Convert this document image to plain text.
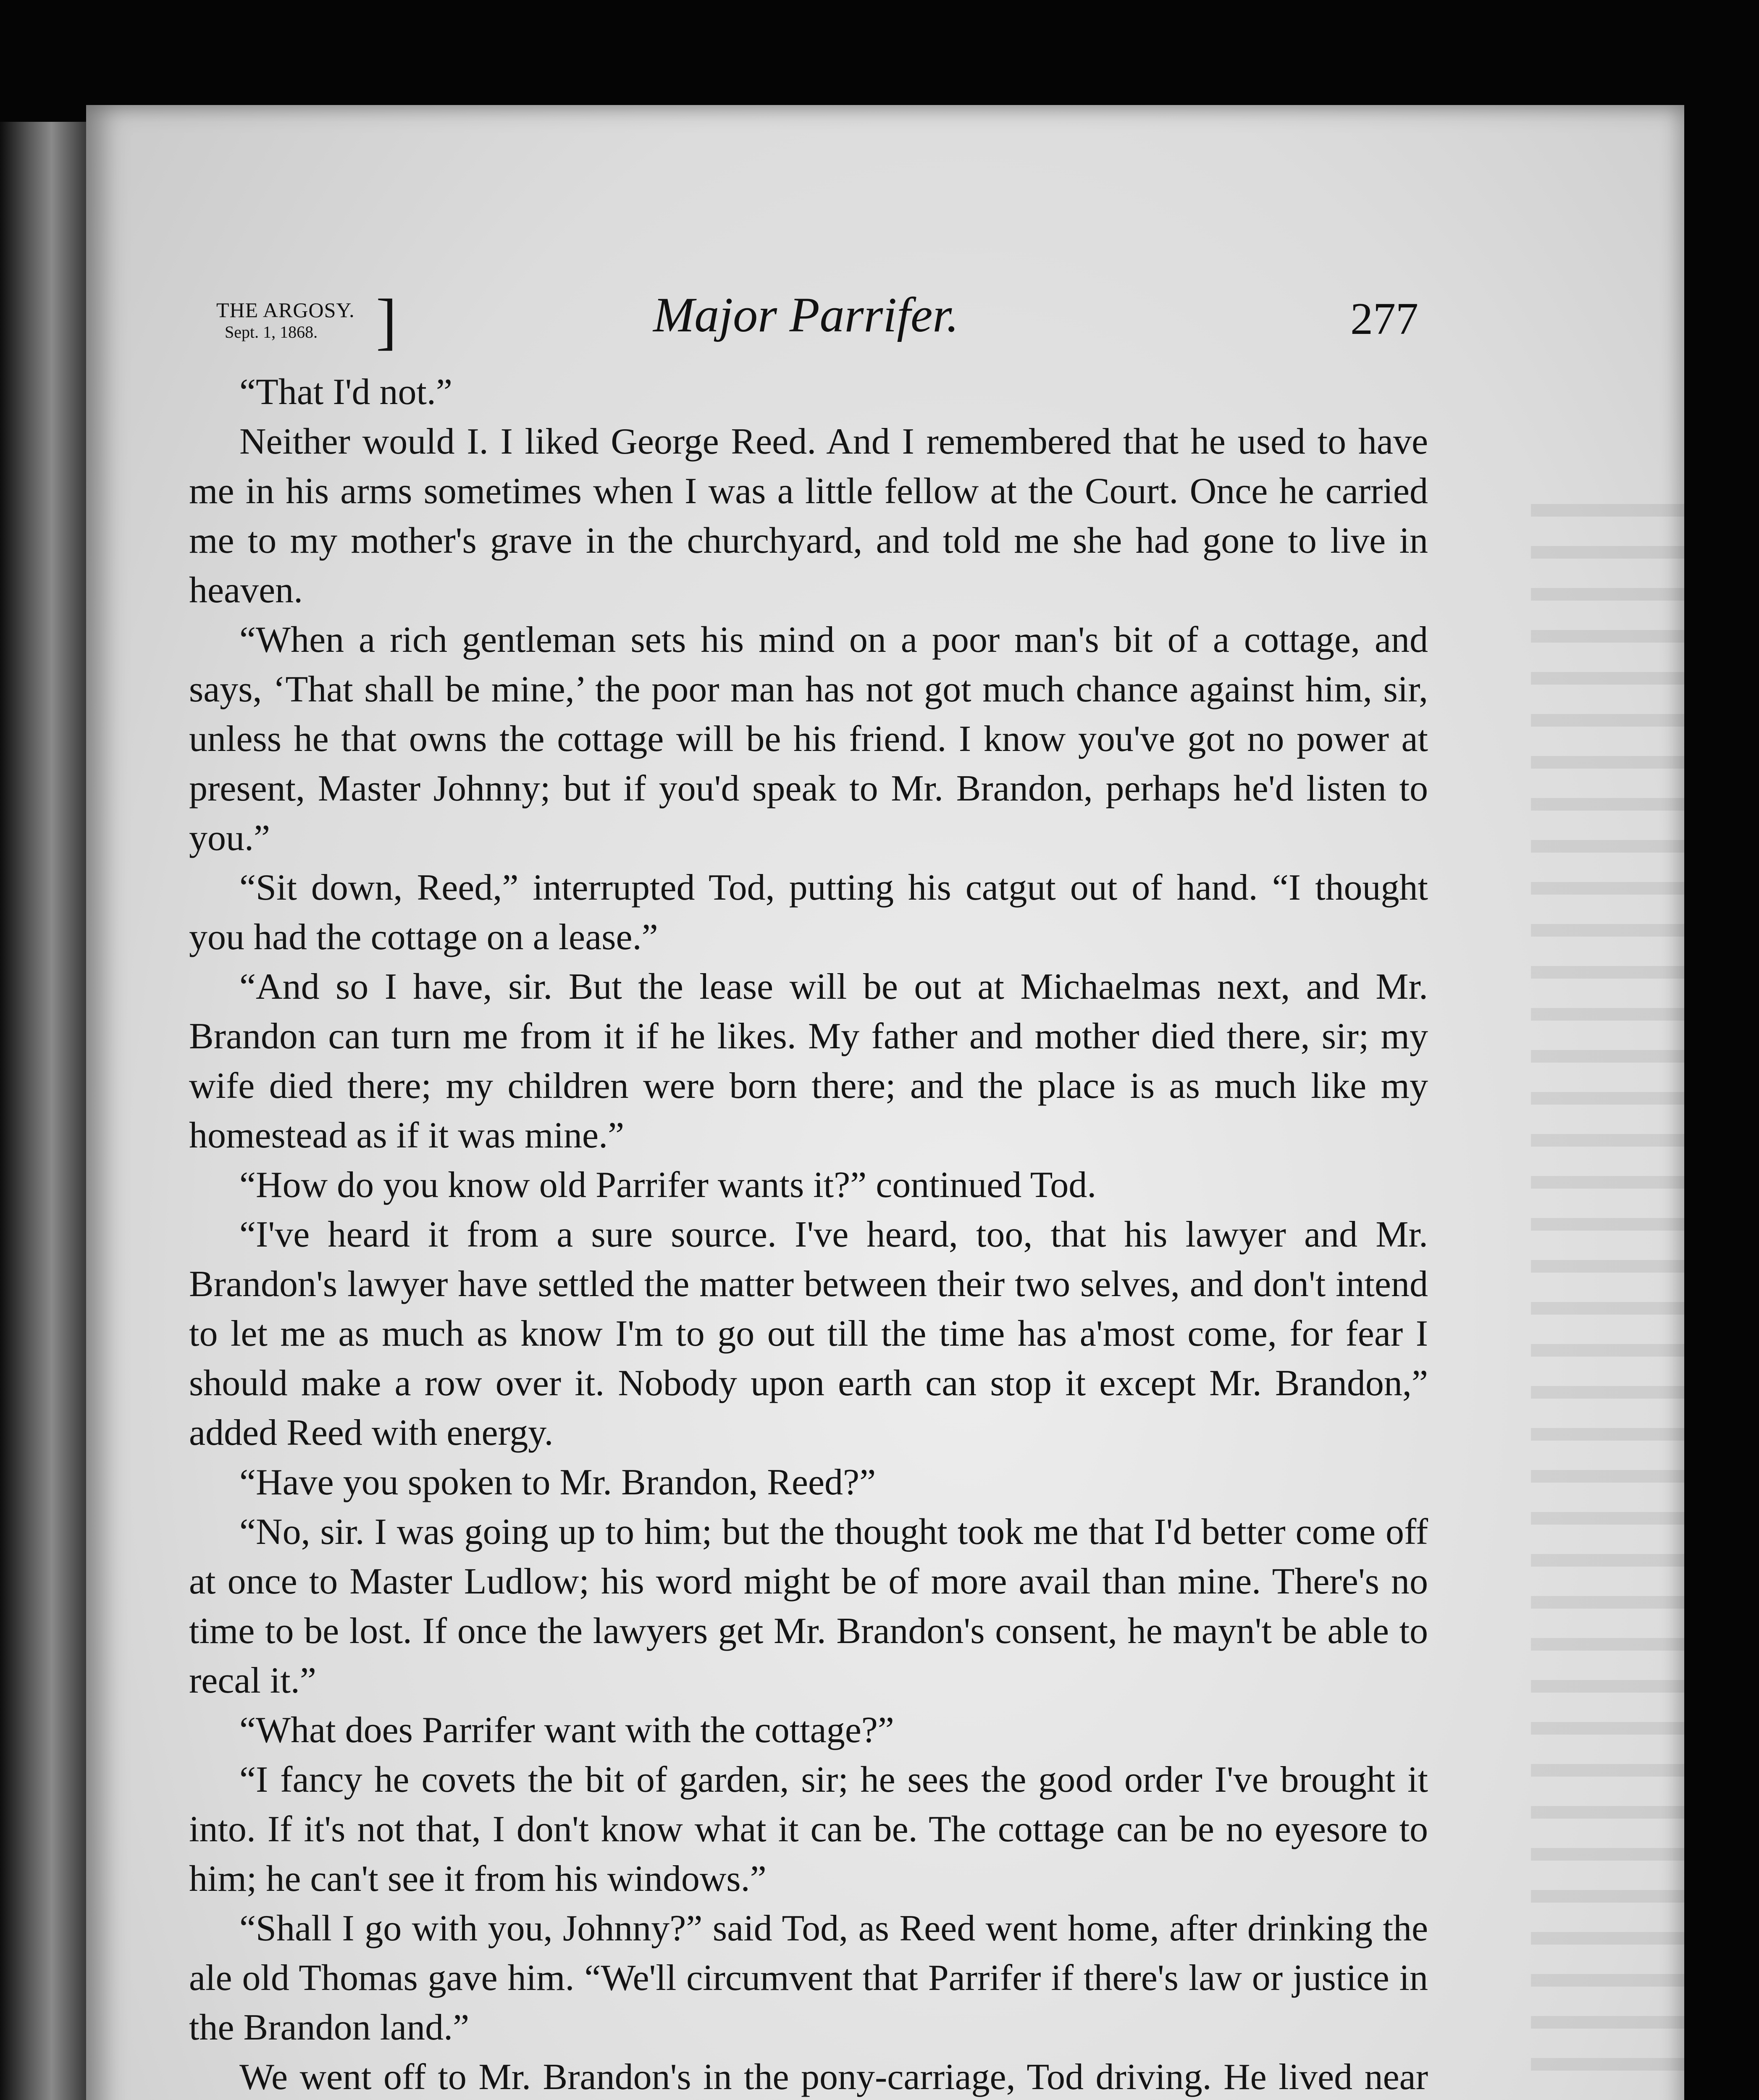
THE ARGOSY.
Sept. 1, 1868. ]	Major Parrifer.	277

“That I'd not.”

Neither would I. I liked George Reed. And I remembered that he used to have me in his arms sometimes when I was a little fellow at the Court. Once he carried me to my mother's grave in the churchyard, and told me she had gone to live in heaven.

“When a rich gentleman sets his mind on a poor man's bit of a cottage, and says, ‘That shall be mine,’ the poor man has not got much chance against him, sir, unless he that owns the cottage will be his friend. I know you've got no power at present, Master Johnny; but if you'd speak to Mr. Brandon, perhaps he'd listen to you.”

“Sit down, Reed,” interrupted Tod, putting his catgut out of hand. “I thought you had the cottage on a lease.”

“And so I have, sir. But the lease will be out at Michaelmas next, and Mr. Brandon can turn me from it if he likes. My father and mother died there, sir; my wife died there; my children were born there; and the place is as much like my homestead as if it was mine.”

“How do you know old Parrifer wants it?” continued Tod.

“I've heard it from a sure source. I've heard, too, that his lawyer and Mr. Brandon's lawyer have settled the matter between their two selves, and don't intend to let me as much as know I'm to go out till the time has a'most come, for fear I should make a row over it. Nobody upon earth can stop it except Mr. Brandon,” added Reed with energy.

“Have you spoken to Mr. Brandon, Reed?”

“No, sir. I was going up to him; but the thought took me that I'd better come off at once to Master Ludlow; his word might be of more avail than mine. There's no time to be lost. If once the lawyers get Mr. Brandon's consent, he mayn't be able to recal it.”

“What does Parrifer want with the cottage?”

“I fancy he covets the bit of garden, sir; he sees the good order I've brought it into. If it's not that, I don't know what it can be. The cottage can be no eyesore to him; he can't see it from his windows.”

“Shall I go with you, Johnny?” said Tod, as Reed went home, after drinking the ale old Thomas gave him. “We'll circumvent that Parrifer if there's law or justice in the Brandon land.”

We went off to Mr. Brandon's in the pony-carriage, Tod driving. He lived near
